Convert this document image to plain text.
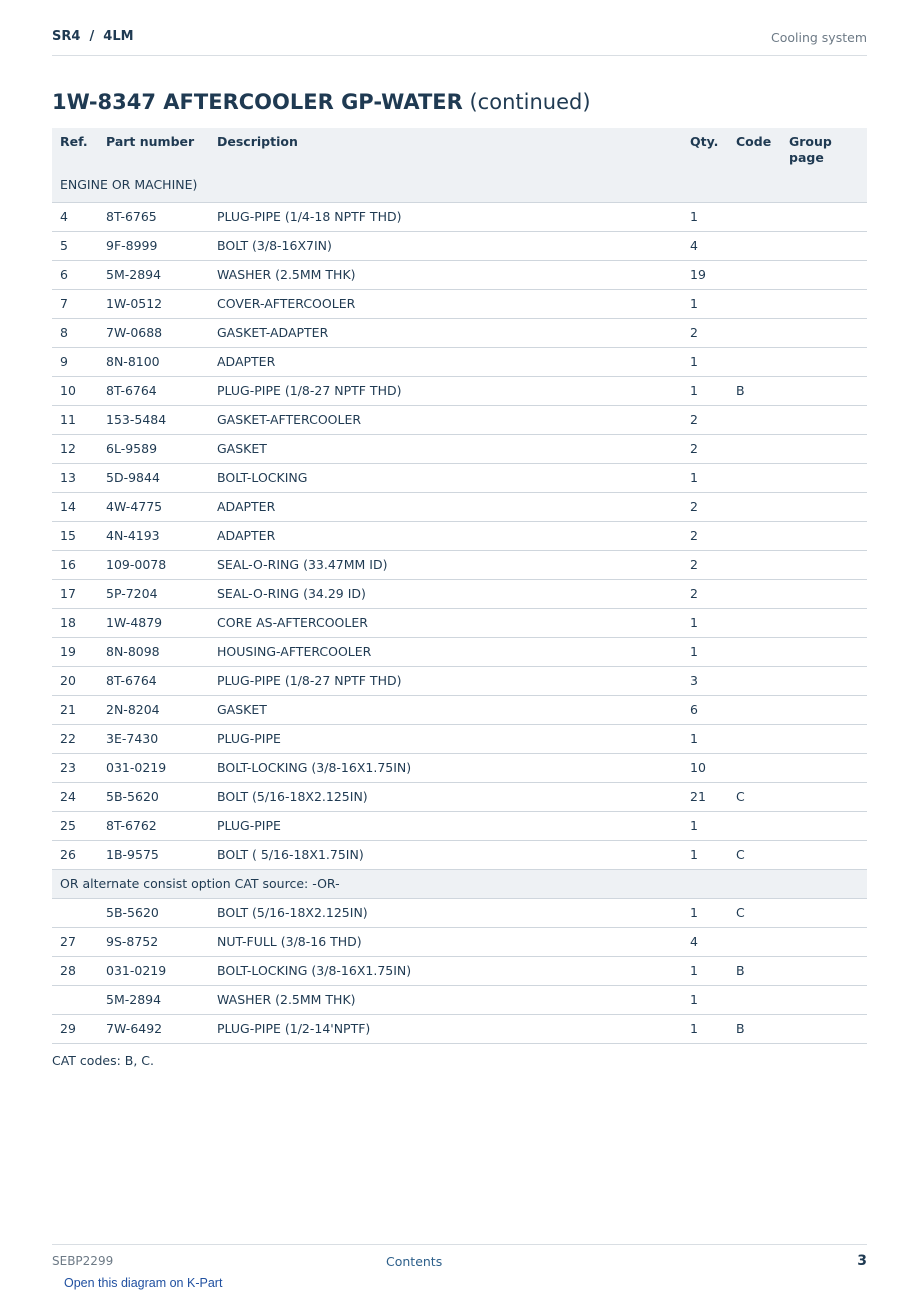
SR4  /  4LM	Cooling system
1W-8347 AFTERCOOLER GP-WATER (continued)
Ref.	Part number	Description	Qty.	Code	Group page
ENGINE OR MACHINE)					
4	8T-6765	PLUG-PIPE (1/4-18 NPTF THD)	1		
5	9F-8999	BOLT (3/8-16X7IN)	4		
6	5M-2894	WASHER (2.5MM THK)	19		
7	1W-0512	COVER-AFTERCOOLER	1		
8	7W-0688	GASKET-ADAPTER	2		
9	8N-8100	ADAPTER	1		
10	8T-6764	PLUG-PIPE (1/8-27 NPTF THD)	1	B	
11	153-5484	GASKET-AFTERCOOLER	2		
12	6L-9589	GASKET	2		
13	5D-9844	BOLT-LOCKING	1		
14	4W-4775	ADAPTER	2		
15	4N-4193	ADAPTER	2		
16	109-0078	SEAL-O-RING (33.47MM ID)	2		
17	5P-7204	SEAL-O-RING (34.29 ID)	2		
18	1W-4879	CORE AS-AFTERCOOLER	1		
19	8N-8098	HOUSING-AFTERCOOLER	1		
20	8T-6764	PLUG-PIPE (1/8-27 NPTF THD)	3		
21	2N-8204	GASKET	6		
22	3E-7430	PLUG-PIPE	1		
23	031-0219	BOLT-LOCKING (3/8-16X1.75IN)	10		
24	5B-5620	BOLT (5/16-18X2.125IN)	21	C	
25	8T-6762	PLUG-PIPE	1		
26	1B-9575	BOLT ( 5/16-18X1.75IN)	1	C	
OR alternate consist option CAT source: -OR-					
	5B-5620	BOLT (5/16-18X2.125IN)	1	C	
27	9S-8752	NUT-FULL (3/8-16 THD)	4		
28	031-0219	BOLT-LOCKING (3/8-16X1.75IN)	1	B	
	5M-2894	WASHER (2.5MM THK)	1		
29	7W-6492	PLUG-PIPE (1/2-14'NPTF)	1	B	
CAT codes: B, C.
SEBP2299	Contents	3
Open this diagram on K-Part
